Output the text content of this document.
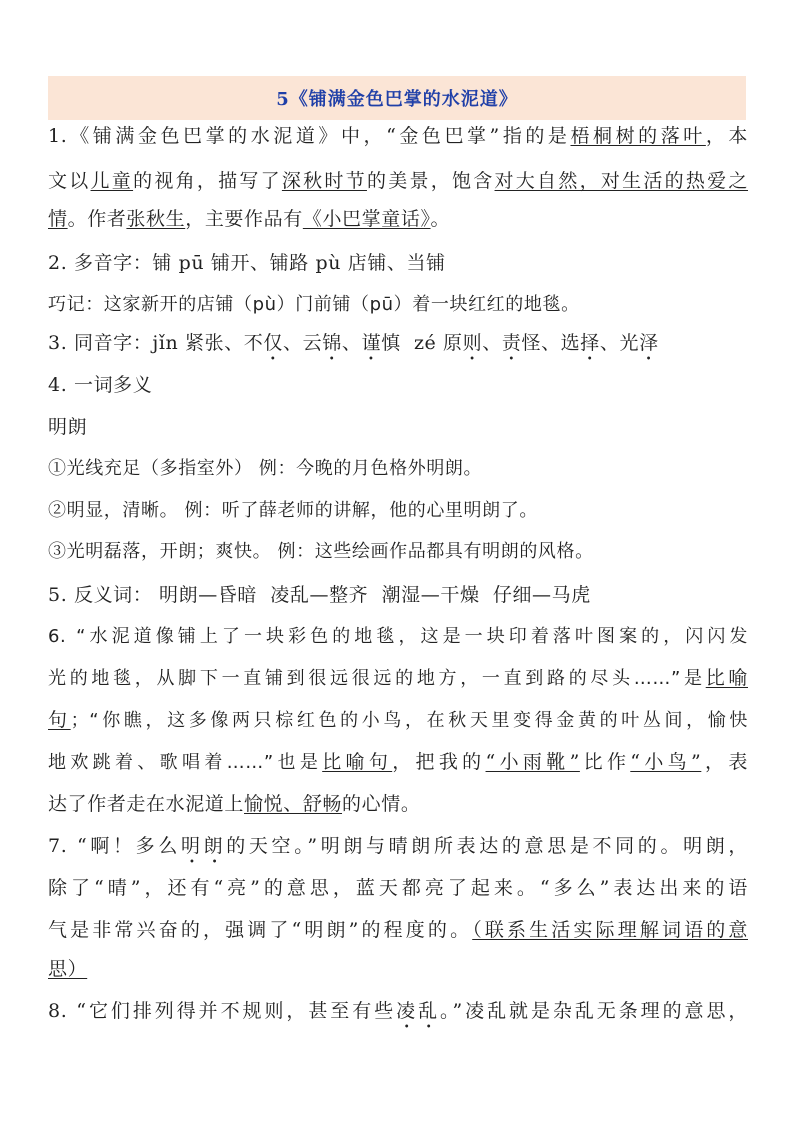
5《铺满金色巴掌的水泥道》
1.《铺满金色巴掌的水泥道》中，“金色巴掌”指的是梧桐树的落叶，本
文以儿童的视角，描写了深秋时节的美景，饱含对大自然，对生活的热爱之
情。作者张秋生，主要作品有《小巴掌童话》。
2. 多音字：铺 pū 铺开、铺路 pù 店铺、当铺
巧记：这家新开的店铺（pù）门前铺（pū）着一块红红的地毯。
3. 同音字：jǐn 紧张、不仅、云锦、谨慎  zé 原则、责怪、选择、光泽
4. 一词多义
明朗
①光线充足（多指室外） 例：今晚的月色格外明朗。
②明显，清晰。 例：听了薛老师的讲解，他的心里明朗了。
③光明磊落，开朗；爽快。 例：这些绘画作品都具有明朗的风格。
5. 反义词： 明朗—昏暗  凌乱—整齐  潮湿—干燥  仔细—马虎
6. “水泥道像铺上了一块彩色的地毯，这是一块印着落叶图案的，闪闪发
光的地毯，从脚下一直铺到很远很远的地方，一直到路的尽头……”是比喻
句；“你瞧，这多像两只棕红色的小鸟，在秋天里变得金黄的叶丛间，愉快
地欢跳着、歌唱着……”也是比喻句，把我的“小雨靴”比作“小鸟”，表
达了作者走在水泥道上愉悦、舒畅的心情。
7. “啊！多么明朗的天空。”明朗与晴朗所表达的意思是不同的。明朗，
除了“晴”，还有“亮”的意思，蓝天都亮了起来。“多么”表达出来的语
气是非常兴奋的，强调了“明朗”的程度的。（联系生活实际理解词语的意
思）
8. “它们排列得并不规则，甚至有些凌乱。”凌乱就是杂乱无条理的意思，
